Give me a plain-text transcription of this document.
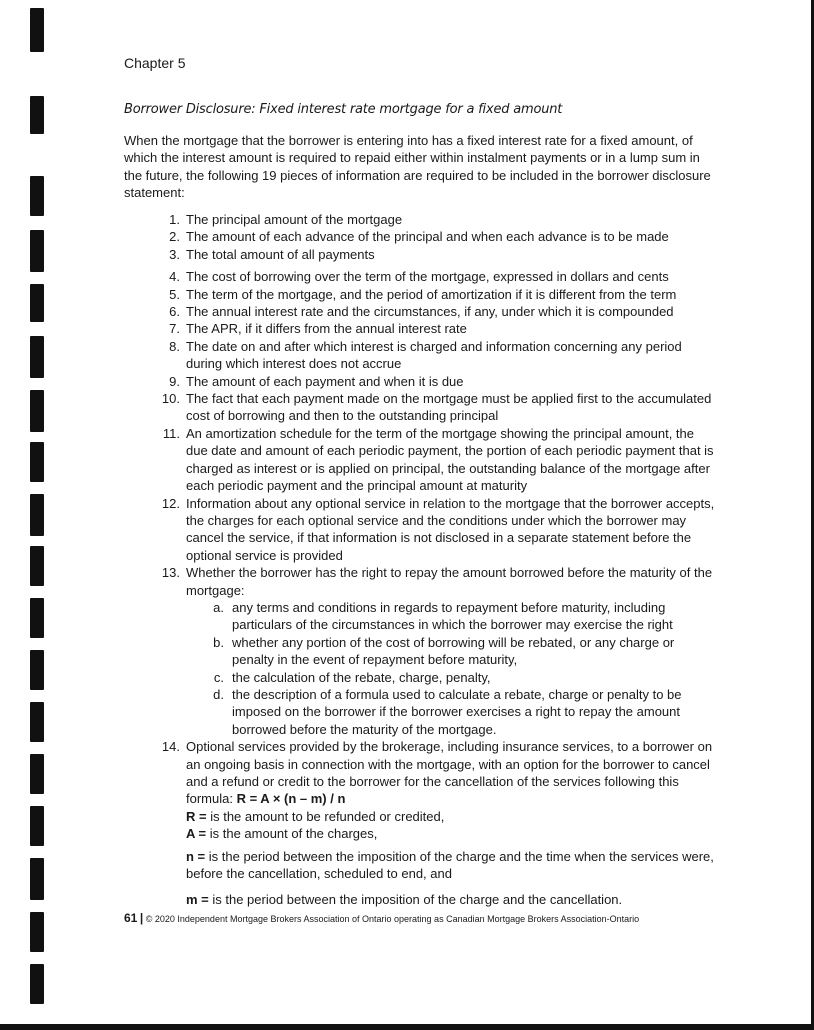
Chapter 5
Borrower Disclosure: Fixed interest rate mortgage for a fixed amount
When the mortgage that the borrower is entering into has a fixed interest rate for a fixed amount, of which the interest amount is required to repaid either within instalment payments or in a lump sum in the future, the following 19 pieces of information are required to be included in the borrower disclosure statement:
1. The principal amount of the mortgage
2. The amount of each advance of the principal and when each advance is to be made
3. The total amount of all payments
4. The cost of borrowing over the term of the mortgage, expressed in dollars and cents
5. The term of the mortgage, and the period of amortization if it is different from the term
6. The annual interest rate and the circumstances, if any, under which it is compounded
7. The APR, if it differs from the annual interest rate
8. The date on and after which interest is charged and information concerning any period during which interest does not accrue
9. The amount of each payment and when it is due
10. The fact that each payment made on the mortgage must be applied first to the accumulated cost of borrowing and then to the outstanding principal
11. An amortization schedule for the term of the mortgage showing the principal amount, the due date and amount of each periodic payment, the portion of each periodic payment that is charged as interest or is applied on principal, the outstanding balance of the mortgage after each periodic payment and the principal amount at maturity
12. Information about any optional service in relation to the mortgage that the borrower accepts, the charges for each optional service and the conditions under which the borrower may cancel the service, if that information is not disclosed in a separate statement before the optional service is provided
13. Whether the borrower has the right to repay the amount borrowed before the maturity of the mortgage:
a. any terms and conditions in regards to repayment before maturity, including particulars of the circumstances in which the borrower may exercise the right
b. whether any portion of the cost of borrowing will be rebated, or any charge or penalty in the event of repayment before maturity,
c. the calculation of the rebate, charge, penalty,
d. the description of a formula used to calculate a rebate, charge or penalty to be imposed on the borrower if the borrower exercises a right to repay the amount borrowed before the maturity of the mortgage.
14. Optional services provided by the brokerage, including insurance services, to a borrower on an ongoing basis in connection with the mortgage, with an option for the borrower to cancel and a refund or credit to the borrower for the cancellation of the services following this formula: R = A × (n – m) / n
R = is the amount to be refunded or credited,
A = is the amount of the charges,
n = is the period between the imposition of the charge and the time when the services were, before the cancellation, scheduled to end, and
m = is the period between the imposition of the charge and the cancellation.
61 | © 2020 Independent Mortgage Brokers Association of Ontario operating as Canadian Mortgage Brokers Association-Ontario
